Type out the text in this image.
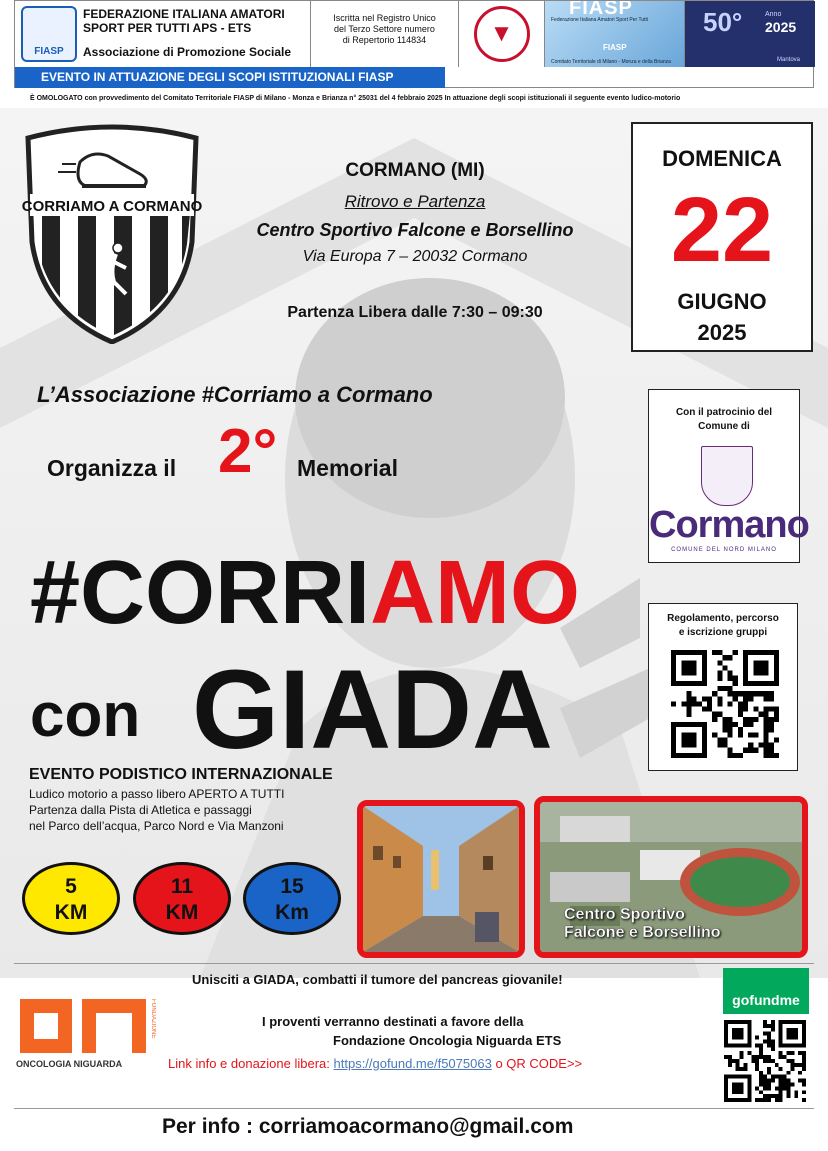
FIASP
FEDERAZIONE ITALIANA AMATORI
SPORT PER TUTTI APS - ETS
Associazione di Promozione Sociale
Iscritta nel Registro Unico
del Terzo Settore numero
di Repertorio 114834	▼
FIASP
Federazione Italiana Amatori Sport Per Tutti
FIASP
Comitato Territoriale di Milano - Monza e della Brianza
50°	Anno
2025
Mantova
EVENTO IN ATTUAZIONE DEGLI SCOPI ISTITUZIONALI FIASP
È OMOLOGATO con provvedimento del Comitato Territoriale FIASP di Milano - Monza e Brianza n° 25031 del 4 febbraio 2025 In attuazione degli scopi istituzionali il seguente evento ludico-motorio
CORRIAMO A CORMANO
CORMANO (MI)
Ritrovo e Partenza
Centro Sportivo Falcone e Borsellino
Via Europa 7 – 20032 Cormano
Partenza Libera dalle 7:30 – 09:30
DOMENICA
22
GIUGNO
2025
L’Associazione #Corriamo a Cormano
Organizza il 2° Memorial
Con il patrocinio del
Comune di
Cormano
COMUNE DEL NORD MILANO
#CORRIAMO
con GIADA
Regolamento, percorso
e iscrizione gruppi
EVENTO PODISTICO INTERNAZIONALE
Ludico motorio a passo libero APERTO A TUTTI
Partenza dalla Pista di Atletica e passaggi
nel Parco dell’acqua, Parco Nord e Via Manzoni
5
KM
11
KM
15
Km	Centro Sportivo
Falcone e Borsellino
Unisciti a GIADA, combatti il tumore del pancreas giovanile!
gofundme
FONDAZIONE
ONCOLOGIA NIGUARDA
I proventi verranno destinati a favore della
Fondazione Oncologia Niguarda ETS
Link info e donazione libera: https://gofund.me/f5075063 o QR CODE>>
Per info : corriamoacormano@gmail.com
